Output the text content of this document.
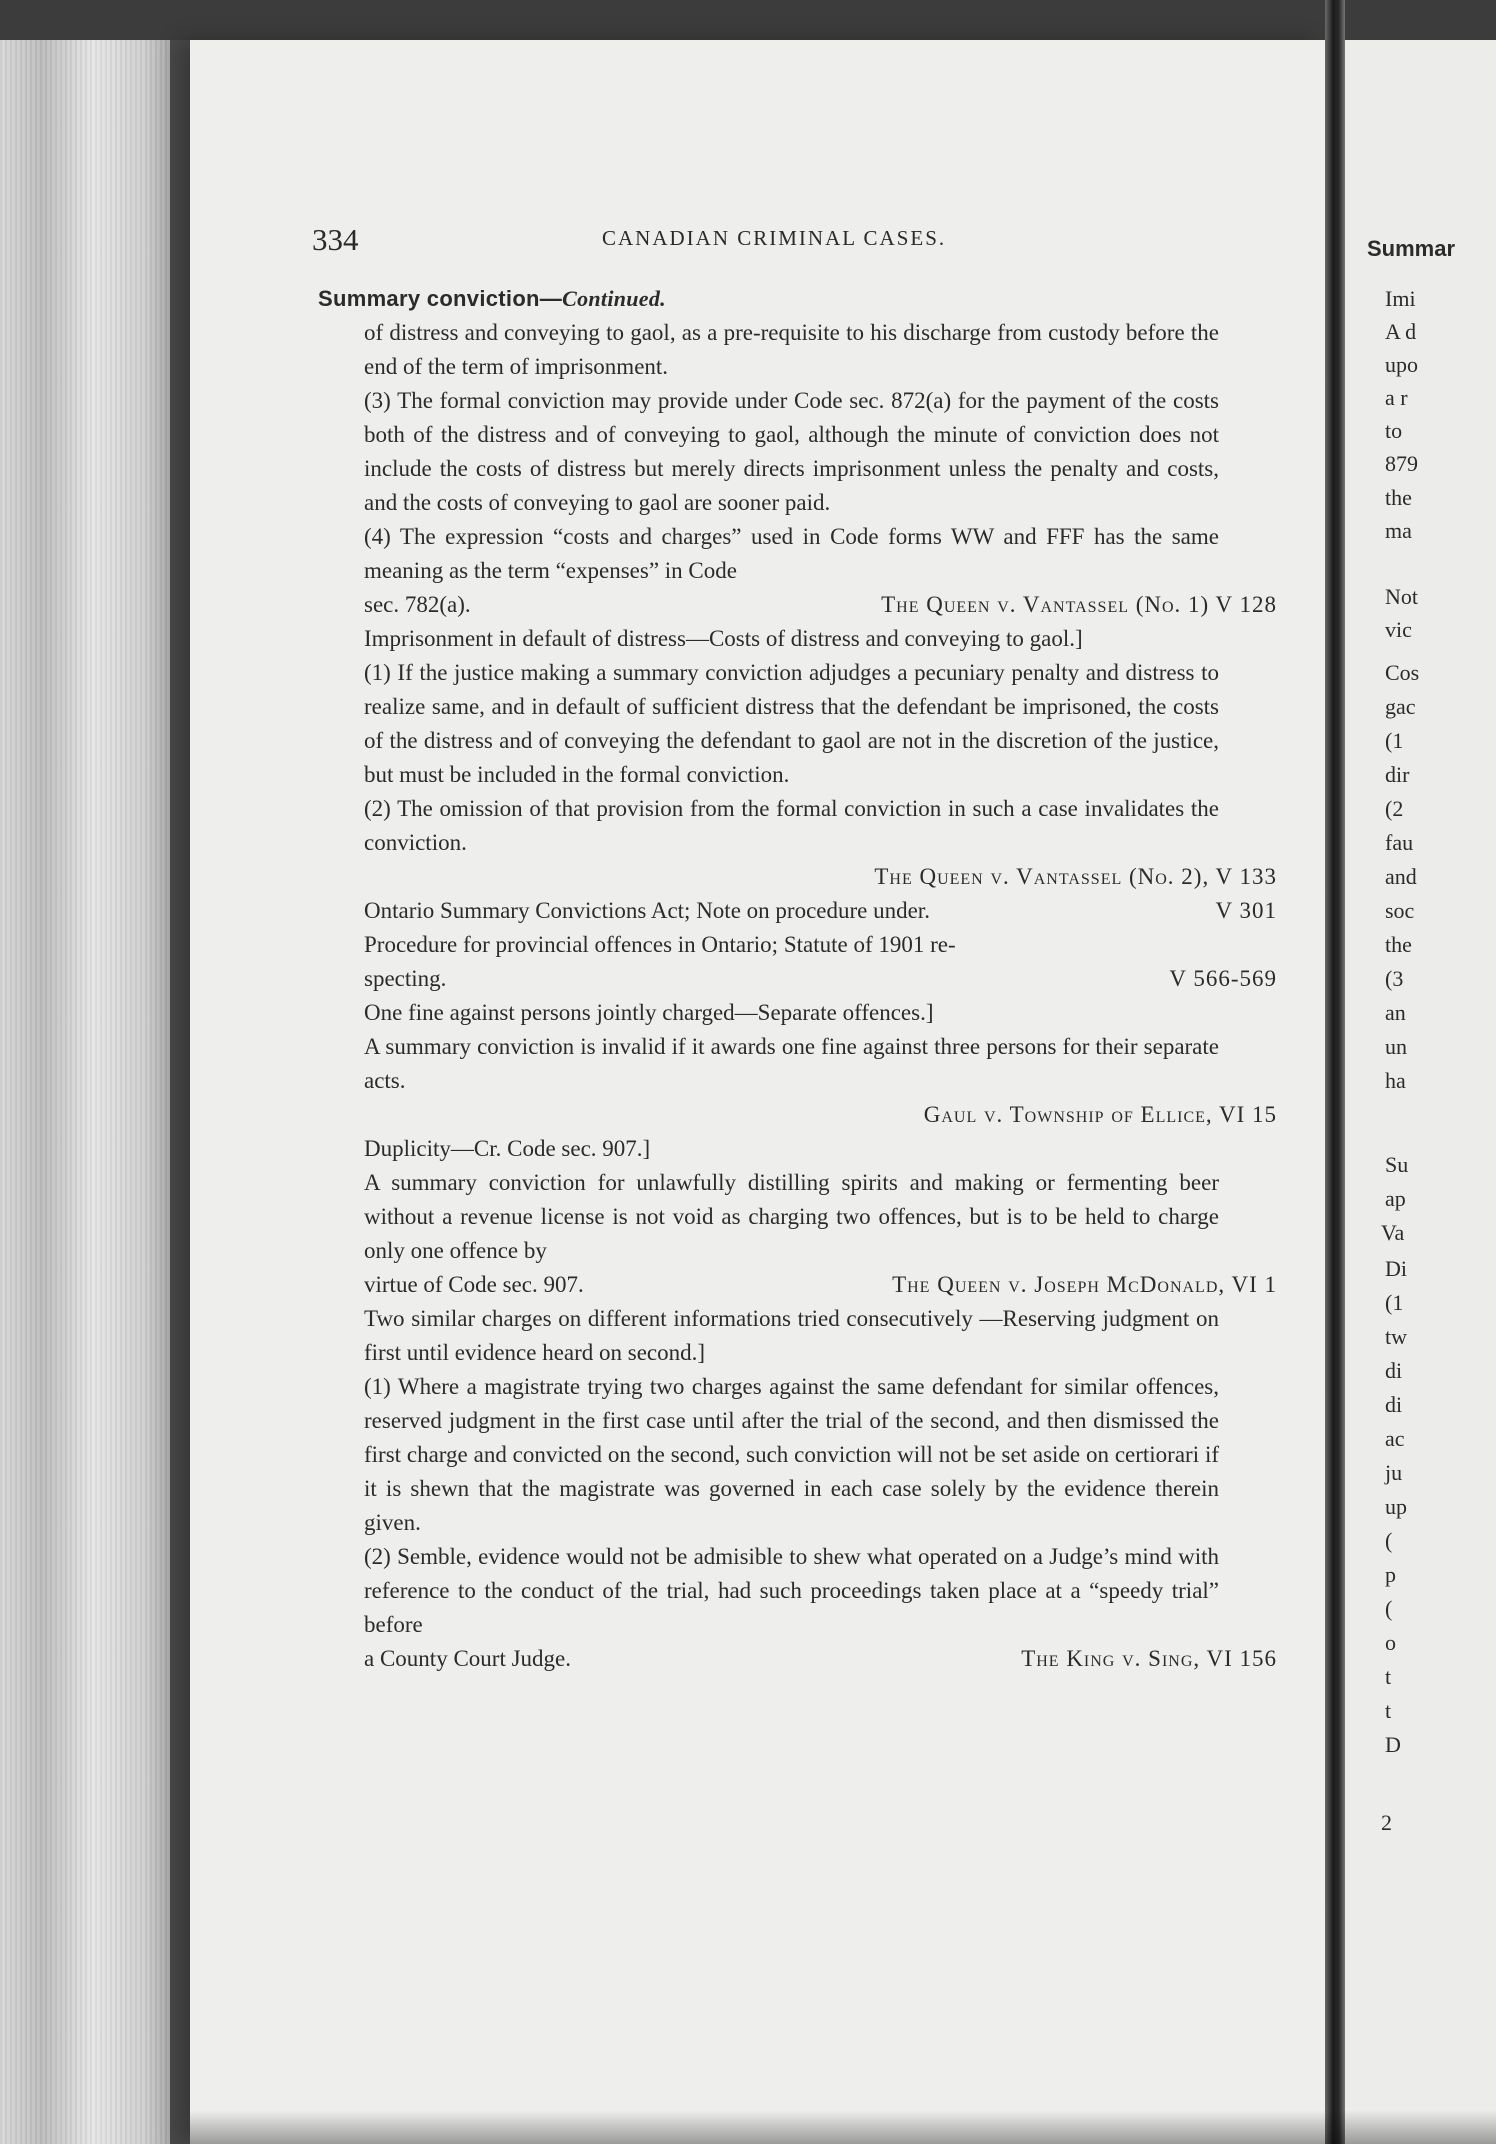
334	CANADIAN CRIMINAL CASES.
Summary conviction—Continued.

of distress and conveying to gaol, as a pre-requisite to his discharge from custody before the end of the term of imprisonment.

(3) The formal conviction may provide under Code sec. 872(a) for the payment of the costs both of the distress and of conveying to gaol, although the minute of conviction does not include the costs of distress but merely directs imprisonment unless the penalty and costs, and the costs of conveying to gaol are sooner paid.

(4) The expression “costs and charges” used in Code forms WW and FFF has the same meaning as the term “expenses” in Code

sec. 782(a).	The Queen v. Vantassel (No. 1) V 128

Imprisonment in default of distress—Costs of distress and conveying to gaol.]

(1) If the justice making a summary conviction adjudges a pecuniary penalty and distress to realize same, and in default of sufficient distress that the defendant be imprisoned, the costs of the distress and of conveying the defendant to gaol are not in the discretion of the justice, but must be included in the formal conviction.

(2) The omission of that provision from the formal conviction in such a case invalidates the conviction.

The Queen v. Vantassel (No. 2), V 133
Ontario Summary Convictions Act; Note on procedure under.	V 301

Procedure for provincial offences in Ontario; Statute of 1901 re-

specting.	V 566-569

One fine against persons jointly charged—Separate offences.]

A summary conviction is invalid if it awards one fine against three persons for their separate acts.

Gaul v. Township of Ellice, VI 15

Duplicity—Cr. Code sec. 907.]

A summary conviction for unlawfully distilling spirits and making or fermenting beer without a revenue license is not void as charging two offences, but is to be held to charge only one offence by

virtue of Code sec. 907.	The Queen v. Joseph McDonald, VI 1

Two similar charges on different informations tried consecutively —Reserving judgment on first until evidence heard on second.]

(1) Where a magistrate trying two charges against the same defendant for similar offences, reserved judgment in the first case until after the trial of the second, and then dismissed the first charge and convicted on the second, such conviction will not be set aside on certiorari if it is shewn that the magistrate was governed in each case solely by the evidence therein given.

(2) Semble, evidence would not be admisible to shew what operated on a Judge’s mind with reference to the conduct of the trial, had such proceedings taken place at a “speedy trial” before

a County Court Judge.	The King v. Sing, VI 156
Summar
Imi
A d
upo
a r
to
879
the
ma
Not
vic
Cos
gac
(1
dir
(2
fau
and
soc
the
(3
an
un
ha
Su
ap
Va
Di
(1
tw
di
di
ac
ju
up
(
p
(
o
t
t
D
2
